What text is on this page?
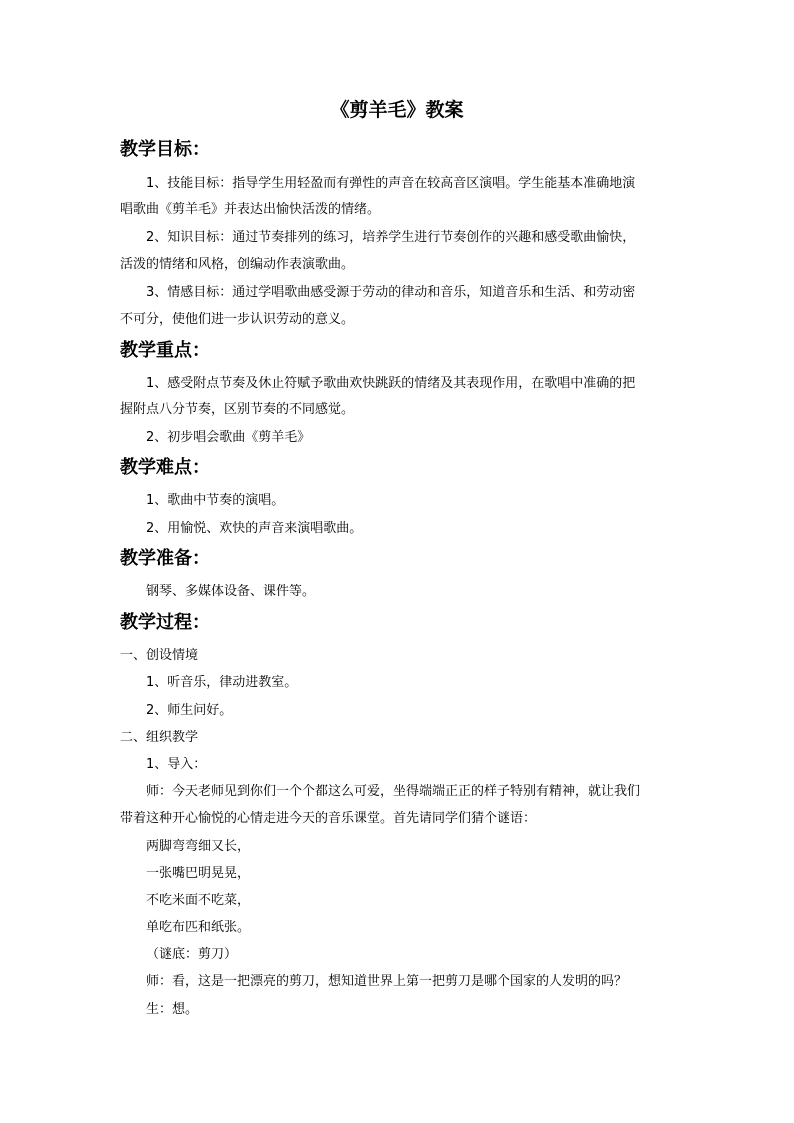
《剪羊毛》教案
教学目标：
1、技能目标：指导学生用轻盈而有弹性的声音在较高音区演唱。学生能基本准确地演
唱歌曲《剪羊毛》并表达出愉快活泼的情绪。
2、知识目标：通过节奏排列的练习，培养学生进行节奏创作的兴趣和感受歌曲愉快，
活泼的情绪和风格，创编动作表演歌曲。
3、情感目标：通过学唱歌曲感受源于劳动的律动和音乐，知道音乐和生活、和劳动密
不可分，使他们进一步认识劳动的意义。
教学重点：
1、感受附点节奏及休止符赋予歌曲欢快跳跃的情绪及其表现作用，在歌唱中准确的把
握附点八分节奏，区别节奏的不同感觉。
2、初步唱会歌曲《剪羊毛》
教学难点：
1、歌曲中节奏的演唱。
2、用愉悦、欢快的声音来演唱歌曲。
教学准备：
钢琴、多媒体设备、课件等。
教学过程：
一、创设情境
1、听音乐，律动进教室。
2、师生问好。
二、组织教学
1、导入：
师：今天老师见到你们一个个都这么可爱，坐得端端正正的样子特别有精神，就让我们
带着这种开心愉悦的心情走进今天的音乐课堂。首先请同学们猜个谜语：
两脚弯弯细又长，
一张嘴巴明晃晃，
不吃米面不吃菜，
单吃布匹和纸张。
（谜底：剪刀）
师：看，这是一把漂亮的剪刀，想知道世界上第一把剪刀是哪个国家的人发明的吗？
生：想。
